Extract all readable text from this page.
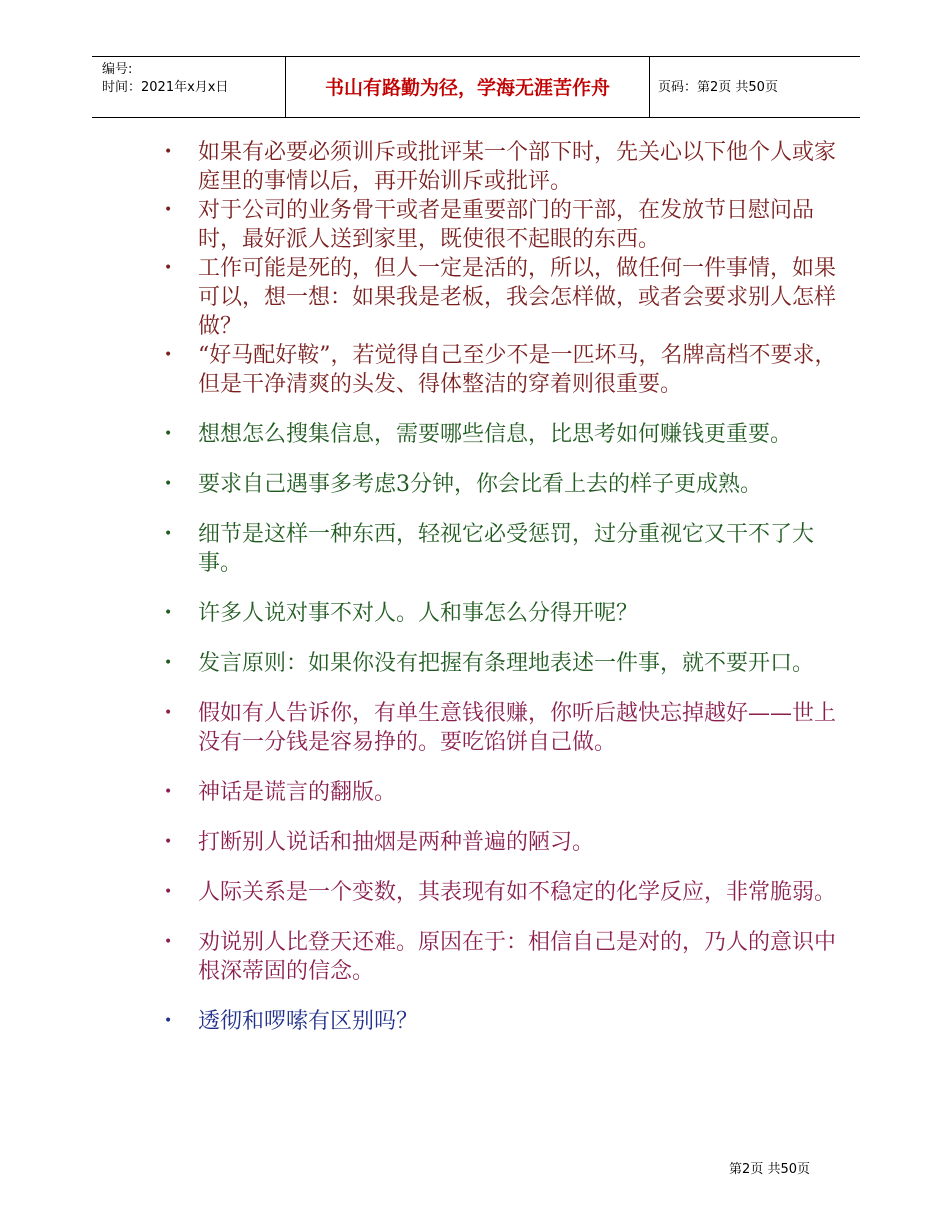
编号:
时间：2021年x月x日	书山有路勤为径，学海无涯苦作舟	页码：第2页 共50页
•	如果有必要必须训斥或批评某一个部下时，先关心以下他个人或家庭里的事情以后，再开始训斥或批评。
•	对于公司的业务骨干或者是重要部门的干部，在发放节日慰问品时，最好派人送到家里，既使很不起眼的东西。
•	工作可能是死的，但人一定是活的，所以，做任何一件事情，如果可以，想一想：如果我是老板，我会怎样做，或者会要求别人怎样做？
•	“好马配好鞍”，若觉得自己至少不是一匹坏马，名牌高档不要求，但是干净清爽的头发、得体整洁的穿着则很重要。
•	想想怎么搜集信息，需要哪些信息，比思考如何赚钱更重要。
•	要求自己遇事多考虑3分钟，你会比看上去的样子更成熟。
•	细节是这样一种东西，轻视它必受惩罚，过分重视它又干不了大事。
•	许多人说对事不对人。人和事怎么分得开呢？
•	发言原则：如果你没有把握有条理地表述一件事，就不要开口。
•	假如有人告诉你，有单生意钱很赚，你听后越快忘掉越好——世上没有一分钱是容易挣的。要吃馅饼自己做。
•	神话是谎言的翻版。
•	打断别人说话和抽烟是两种普遍的陋习。
•	人际关系是一个变数，其表现有如不稳定的化学反应，非常脆弱。
•	劝说别人比登天还难。原因在于：相信自己是对的，乃人的意识中根深蒂固的信念。
•	透彻和啰嗦有区别吗？
第2页 共50页
